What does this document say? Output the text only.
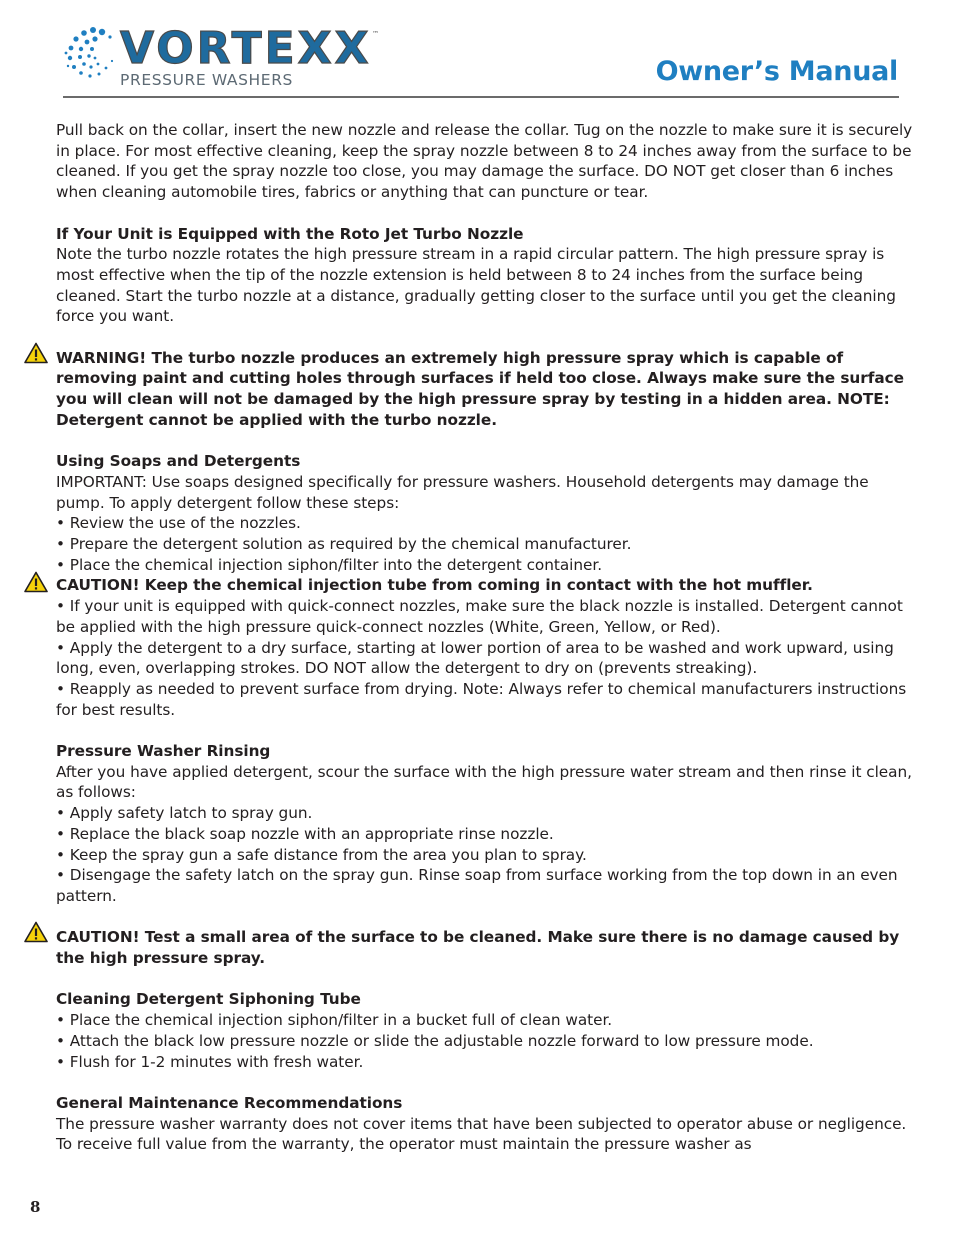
VORTEXX ™
PRESSURE WASHERS	Owner’s Manual

Pull back on the collar, insert the new nozzle and release the collar. Tug on the nozzle to make sure it is securely in place. For most effective cleaning, keep the spray nozzle between 8 to 24 inches away from the surface to be cleaned. If you get the spray nozzle too close, you may damage the surface. DO NOT get closer than 6 inches when cleaning automobile tires, fabrics or anything that can puncture or tear.

If Your Unit is Equipped with the Roto Jet Turbo Nozzle

Note the turbo nozzle rotates the high pressure stream in a rapid circular pattern. The high pressure spray is most effective when the tip of the nozzle extension is held between 8 to 24 inches from the surface being cleaned. Start the turbo nozzle at a distance, gradually getting closer to the surface until you get the cleaning force you want.

WARNING! The turbo nozzle produces an extremely high pressure spray which is capable of removing paint and cutting holes through surfaces if held too close. Always make sure the surface you will clean will not be damaged by the high pressure spray by testing in a hidden area. NOTE: Detergent cannot be applied with the turbo nozzle.

Using Soaps and Detergents

IMPORTANT: Use soaps designed specifically for pressure washers. Household detergents may damage the pump. To apply detergent follow these steps:

• Review the use of the nozzles.

• Prepare the detergent solution as required by the chemical manufacturer.

• Place the chemical injection siphon/filter into the detergent container.

CAUTION! Keep the chemical injection tube from coming in contact with the hot muffler.

• If your unit is equipped with quick-connect nozzles, make sure the black nozzle is installed. Detergent cannot be applied with the high pressure quick-connect nozzles (White, Green, Yellow, or Red).

• Apply the detergent to a dry surface, starting at lower portion of area to be washed and work upward, using long, even, overlapping strokes. DO NOT allow the detergent to dry on (prevents streaking).

• Reapply as needed to prevent surface from drying. Note: Always refer to chemical manufacturers instructions for best results.

Pressure Washer Rinsing

After you have applied detergent, scour the surface with the high pressure water stream and then rinse it clean, as follows:

• Apply safety latch to spray gun.

• Replace the black soap nozzle with an appropriate rinse nozzle.

• Keep the spray gun a safe distance from the area you plan to spray.

• Disengage the safety latch on the spray gun. Rinse soap from surface working from the top down in an even pattern.

CAUTION! Test a small area of the surface to be cleaned. Make sure there is no damage caused by the high pressure spray.

Cleaning Detergent Siphoning Tube

• Place the chemical injection siphon/filter in a bucket full of clean water.

• Attach the black low pressure nozzle or slide the adjustable nozzle forward to low pressure mode.

• Flush for 1-2 minutes with fresh water.

General Maintenance Recommendations

The pressure washer warranty does not cover items that have been subjected to operator abuse or negligence. To receive full value from the warranty, the operator must maintain the pressure washer as

8
